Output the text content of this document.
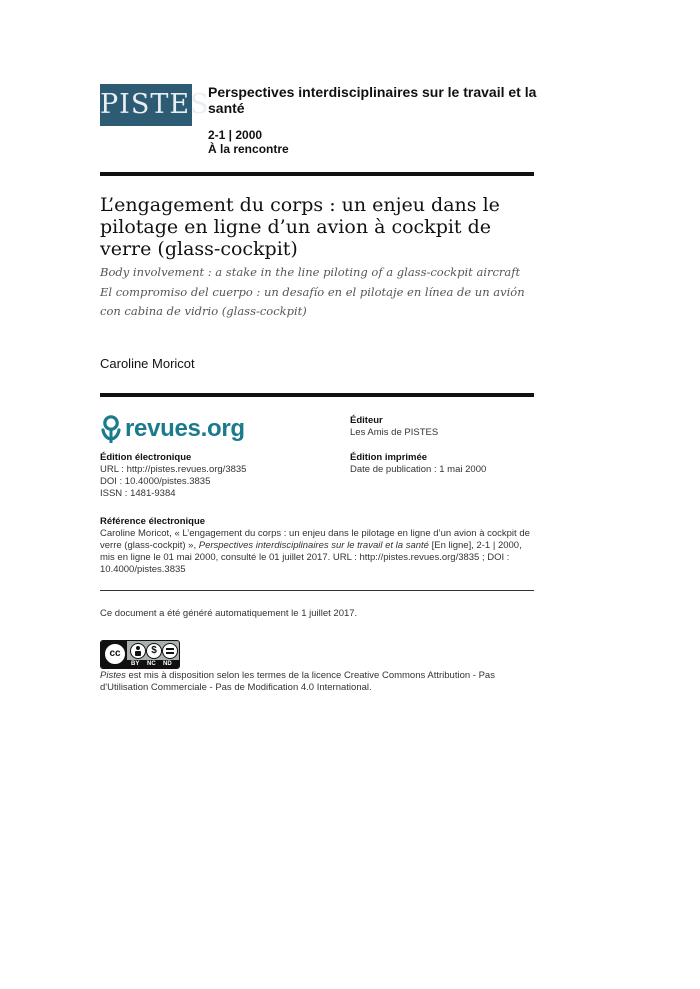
PISTES
Perspectives interdisciplinaires sur le travail et la santé
2-1 | 2000
À la rencontre
L’engagement du corps : un enjeu dans le pilotage en ligne d’un avion à cockpit de verre (glass-cockpit)
Body involvement : a stake in the line piloting of a glass-cockpit aircraft
El compromiso del cuerpo : un desafío en el pilotaje en línea de un avión con cabina de vidrio (glass-cockpit)
Caroline Moricot
revues.org	Éditeur
Les Amis de PISTES
Édition imprimée
Date de publication : 1 mai 2000
Édition électronique
URL : http://pistes.revues.org/3835
DOI : 10.4000/pistes.3835
ISSN : 1481-9384
Référence électronique
Caroline Moricot, « L’engagement du corps : un enjeu dans le pilotage en ligne d’un avion à cockpit de verre (glass-cockpit) », Perspectives interdisciplinaires sur le travail et la santé [En ligne], 2-1 | 2000, mis en ligne le 01 mai 2000, consulté le 01 juillet 2017. URL : http://pistes.revues.org/3835 ; DOI : 10.4000/pistes.3835
Ce document a été généré automatiquement le 1 juillet 2017.
cc	$
BY NC ND
Pistes est mis à disposition selon les termes de la licence Creative Commons Attribution - Pas d'Utilisation Commerciale - Pas de Modification 4.0 International.
